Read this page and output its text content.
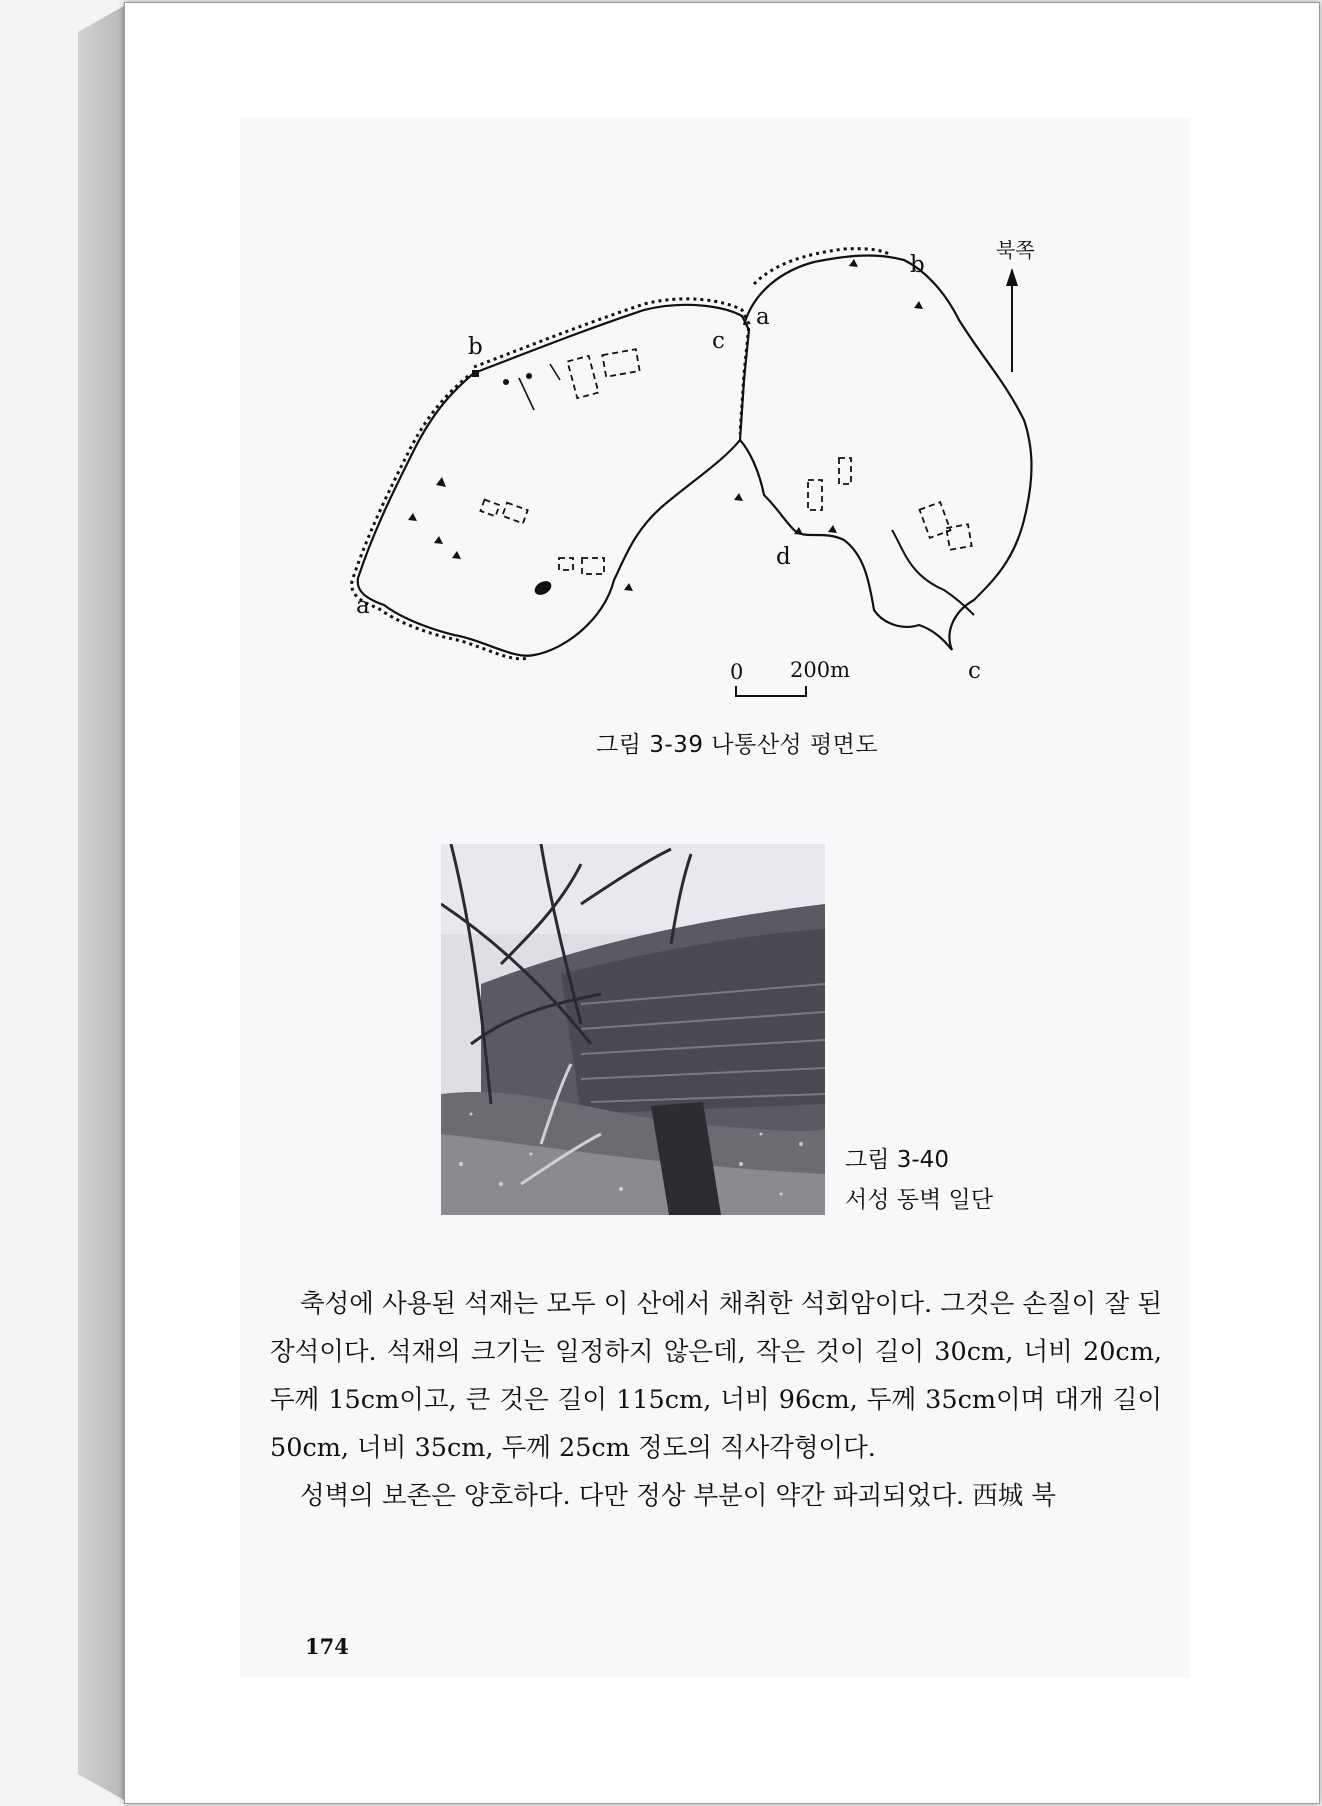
북쪽
b	c
a
a
b
d
c
0 200m
그림 3-39 나통산성 평면도
그림 3-40
서성 동벽 일단

축성에 사용된 석재는 모두 이 산에서 채취한 석회암이다. 그것은 손질이 잘 된 장석이다. 석재의 크기는 일정하지 않은데, 작은 것이 길이 30cm, 너비 20cm, 두께 15cm이고, 큰 것은 길이 115cm, 너비 96cm, 두께 35cm이며 대개 길이 50cm, 너비 35cm, 두께 25cm 정도의 직사각형이다.

성벽의 보존은 양호하다. 다만 정상 부분이 약간 파괴되었다. 西城 북

174
